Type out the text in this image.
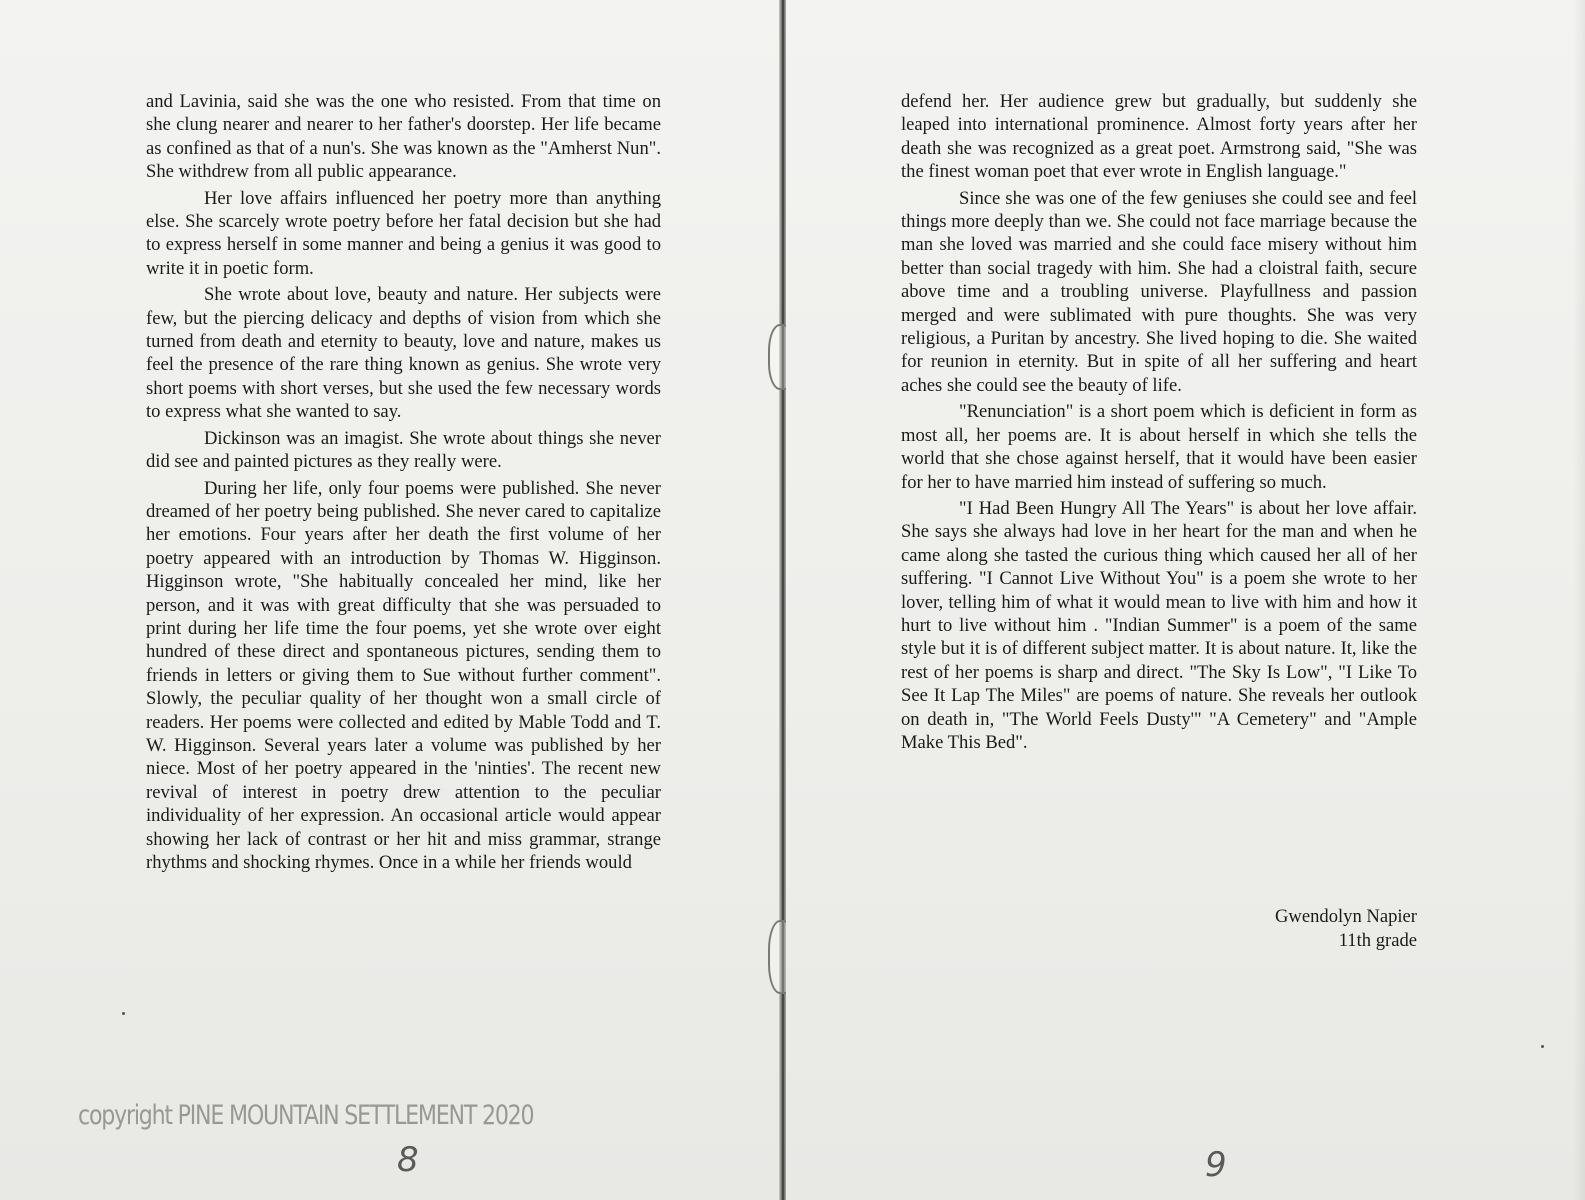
and Lavinia, said she was the one who resisted. From that time on she clung nearer and nearer to her father's doorstep. Her life became as confined as that of a nun's. She was known as the "Amherst Nun". She withdrew from all public appearance.

Her love affairs influenced her poetry more than anything else. She scarcely wrote poetry before her fatal decision but she had to express herself in some manner and being a genius it was good to write it in poetic form.

She wrote about love, beauty and nature. Her subjects were few, but the piercing delicacy and depths of vision from which she turned from death and eternity to beauty, love and nature, makes us feel the presence of the rare thing known as genius. She wrote very short poems with short verses, but she used the few necessary words to express what she wanted to say.

Dickinson was an imagist. She wrote about things she never did see and painted pictures as they really were.

During her life, only four poems were published. She never dreamed of her poetry being published. She never cared to capitalize her emotions. Four years after her death the first volume of her poetry appeared with an introduction by Thomas W. Higginson. Higginson wrote, "She habitually concealed her mind, like her person, and it was with great difficulty that she was persuaded to print during her life time the four poems, yet she wrote over eight hundred of these direct and spontaneous pictures, sending them to friends in letters or giving them to Sue without further comment". Slowly, the peculiar quality of her thought won a small circle of readers. Her poems were collected and edited by Mable Todd and T. W. Higginson. Several years later a volume was published by her niece. Most of her poetry appeared in the 'ninties'. The recent new revival of interest in poetry drew attention to the peculiar individuality of her expression. An occasional article would appear showing her lack of contrast or her hit and miss grammar, strange rhythms and shocking rhymes. Once in a while her friends would

copyright PINE MOUNTAIN SETTLEMENT 2020
8

defend her. Her audience grew but gradually, but suddenly she leaped into international prominence. Almost forty years after her death she was recognized as a great poet. Armstrong said, "She was the finest woman poet that ever wrote in English language."

Since she was one of the few geniuses she could see and feel things more deeply than we. She could not face marriage because the man she loved was married and she could face misery without him better than social tragedy with him. She had a cloistral faith, secure above time and a troubling universe. Playfullness and passion merged and were sublimated with pure thoughts. She was very religious, a Puritan by ancestry. She lived hoping to die. She waited for reunion in eternity. But in spite of all her suffering and heart aches she could see the beauty of life.

"Renunciation" is a short poem which is deficient in form as most all, her poems are. It is about herself in which she tells the world that she chose against herself, that it would have been easier for her to have married him instead of suffering so much.

"I Had Been Hungry All The Years" is about her love affair. She says she always had love in her heart for the man and when he came along she tasted the curious thing which caused her all of her suffering. "I Cannot Live Without You" is a poem she wrote to her lover, telling him of what it would mean to live with him and how it hurt to live without him . "Indian Summer" is a poem of the same style but it is of different subject matter. It is about nature. It, like the rest of her poems is sharp and direct. "The Sky Is Low", "I Like To See It Lap The Miles" are poems of nature. She reveals her outlook on death in, "The World Feels Dusty'" "A Cemetery" and "Ample Make This Bed".

Gwendolyn Napier
11th grade
9
